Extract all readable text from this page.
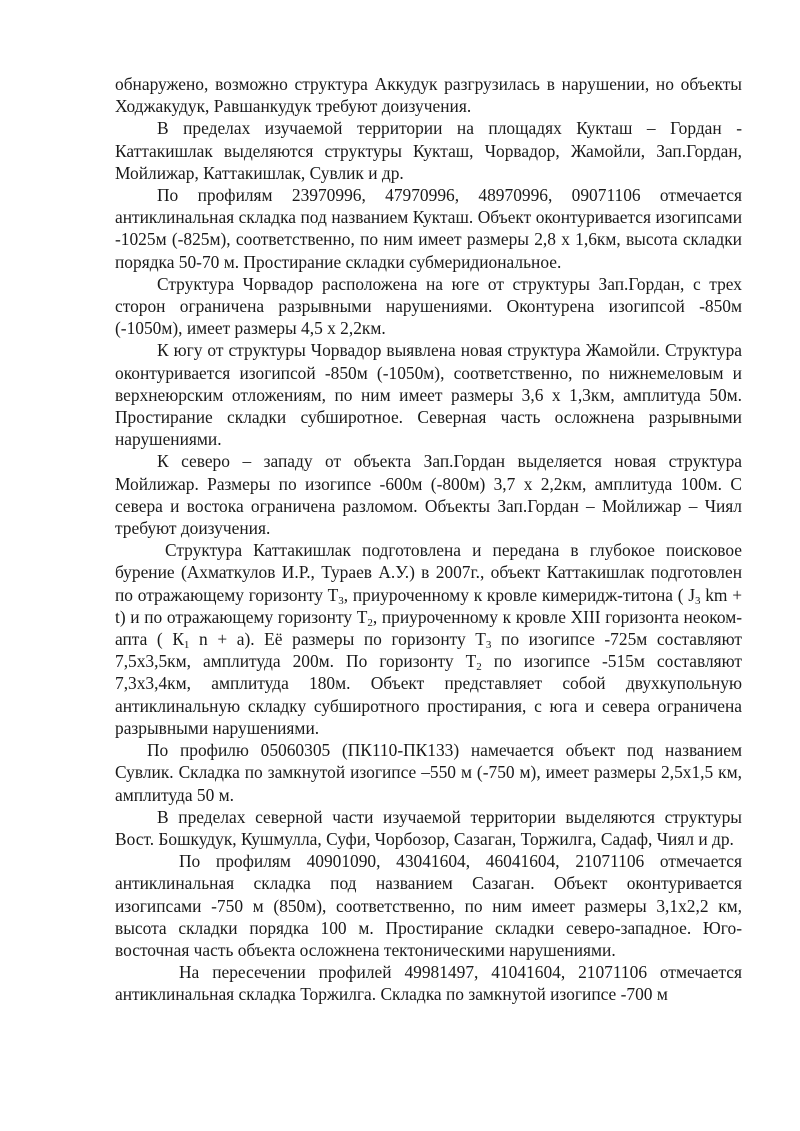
обнаружено, возможно структура Аккудук разгрузилась в нарушении, но объекты Ходжакудук, Равшанкудук требуют доизучения.

В пределах изучаемой территории на площадях Кукташ – Гордан - Каттакишлак выделяются структуры Кукташ, Чорвадор, Жамойли, Зап.Гордан, Мойлижар, Каттакишлак, Сувлик и др.

По профилям 23970996, 47970996, 48970996, 09071106 отмечается антиклинальная складка под названием Кукташ. Объект оконтуривается изогипсами -1025м (-825м), соответственно, по ним имеет размеры 2,8 х 1,6км, высота складки порядка 50-70 м. Простирание складки субмеридиональное.

Структура Чорвадор расположена на юге от структуры Зап.Гордан, с трех сторон ограничена разрывными нарушениями. Оконтурена изогипсой -850м (-1050м), имеет размеры 4,5 х 2,2км.

К югу от структуры Чорвадор выявлена новая структура Жамойли. Структура оконтуривается изогипсой -850м (-1050м), соответственно, по нижнемеловым и верхнеюрским отложениям, по ним имеет размеры 3,6 х 1,3км, амплитуда 50м. Простирание складки субширотное. Северная часть осложнена разрывными нарушениями.

К северо – западу от объекта Зап.Гордан выделяется новая структура Мойлижар. Размеры по изогипсе -600м (-800м) 3,7 х 2,2км, амплитуда 100м. С севера и востока ограничена разломом. Объекты Зап.Гордан – Мойлижар – Чиял требуют доизучения.

Структура Каттакишлак подготовлена и передана в глубокое поисковое бурение (Ахматкулов И.Р., Тураев А.У.) в 2007г., объект Каттакишлак подготовлен по отражающему горизонту $Т_3$, приуроченному к кровле кимеридж-титона ( $J_3$ km + t) и по отражающему горизонту $Т_2$, приуроченному к кровле XIII горизонта неоком-апта ( $К_1$ n + a). Её размеры по горизонту $Т_3$ по изогипсе -725м составляют 7,5х3,5км, амплитуда 200м. По горизонту $Т_2$ по изогипсе -515м составляют 7,3х3,4км, амплитуда 180м. Объект представляет собой двухкупольную антиклинальную складку субширотного простирания, с юга и севера ограничена разрывными нарушениями.

По профилю 05060305 (ПК110-ПК133) намечается объект под названием Сувлик. Складка по замкнутой изогипсе –550 м (-750 м), имеет размеры 2,5х1,5 км, амплитуда 50 м.

В пределах северной части изучаемой территории выделяются структуры Вост. Бошкудук, Кушмулла, Суфи, Чорбозор, Сазаган, Торжилга, Садаф, Чиял и др.

По профилям 40901090, 43041604, 46041604, 21071106 отмечается антиклинальная складка под названием Сазаган. Объект оконтуривается изогипсами -750 м (850м), соответственно, по ним имеет размеры 3,1х2,2 км, высота складки порядка 100 м. Простирание складки северо-западное. Юго-восточная часть объекта осложнена тектоническими нарушениями.

На пересечении профилей 49981497, 41041604, 21071106 отмечается антиклинальная складка Торжилга. Складка по замкнутой изогипсе -700 м
